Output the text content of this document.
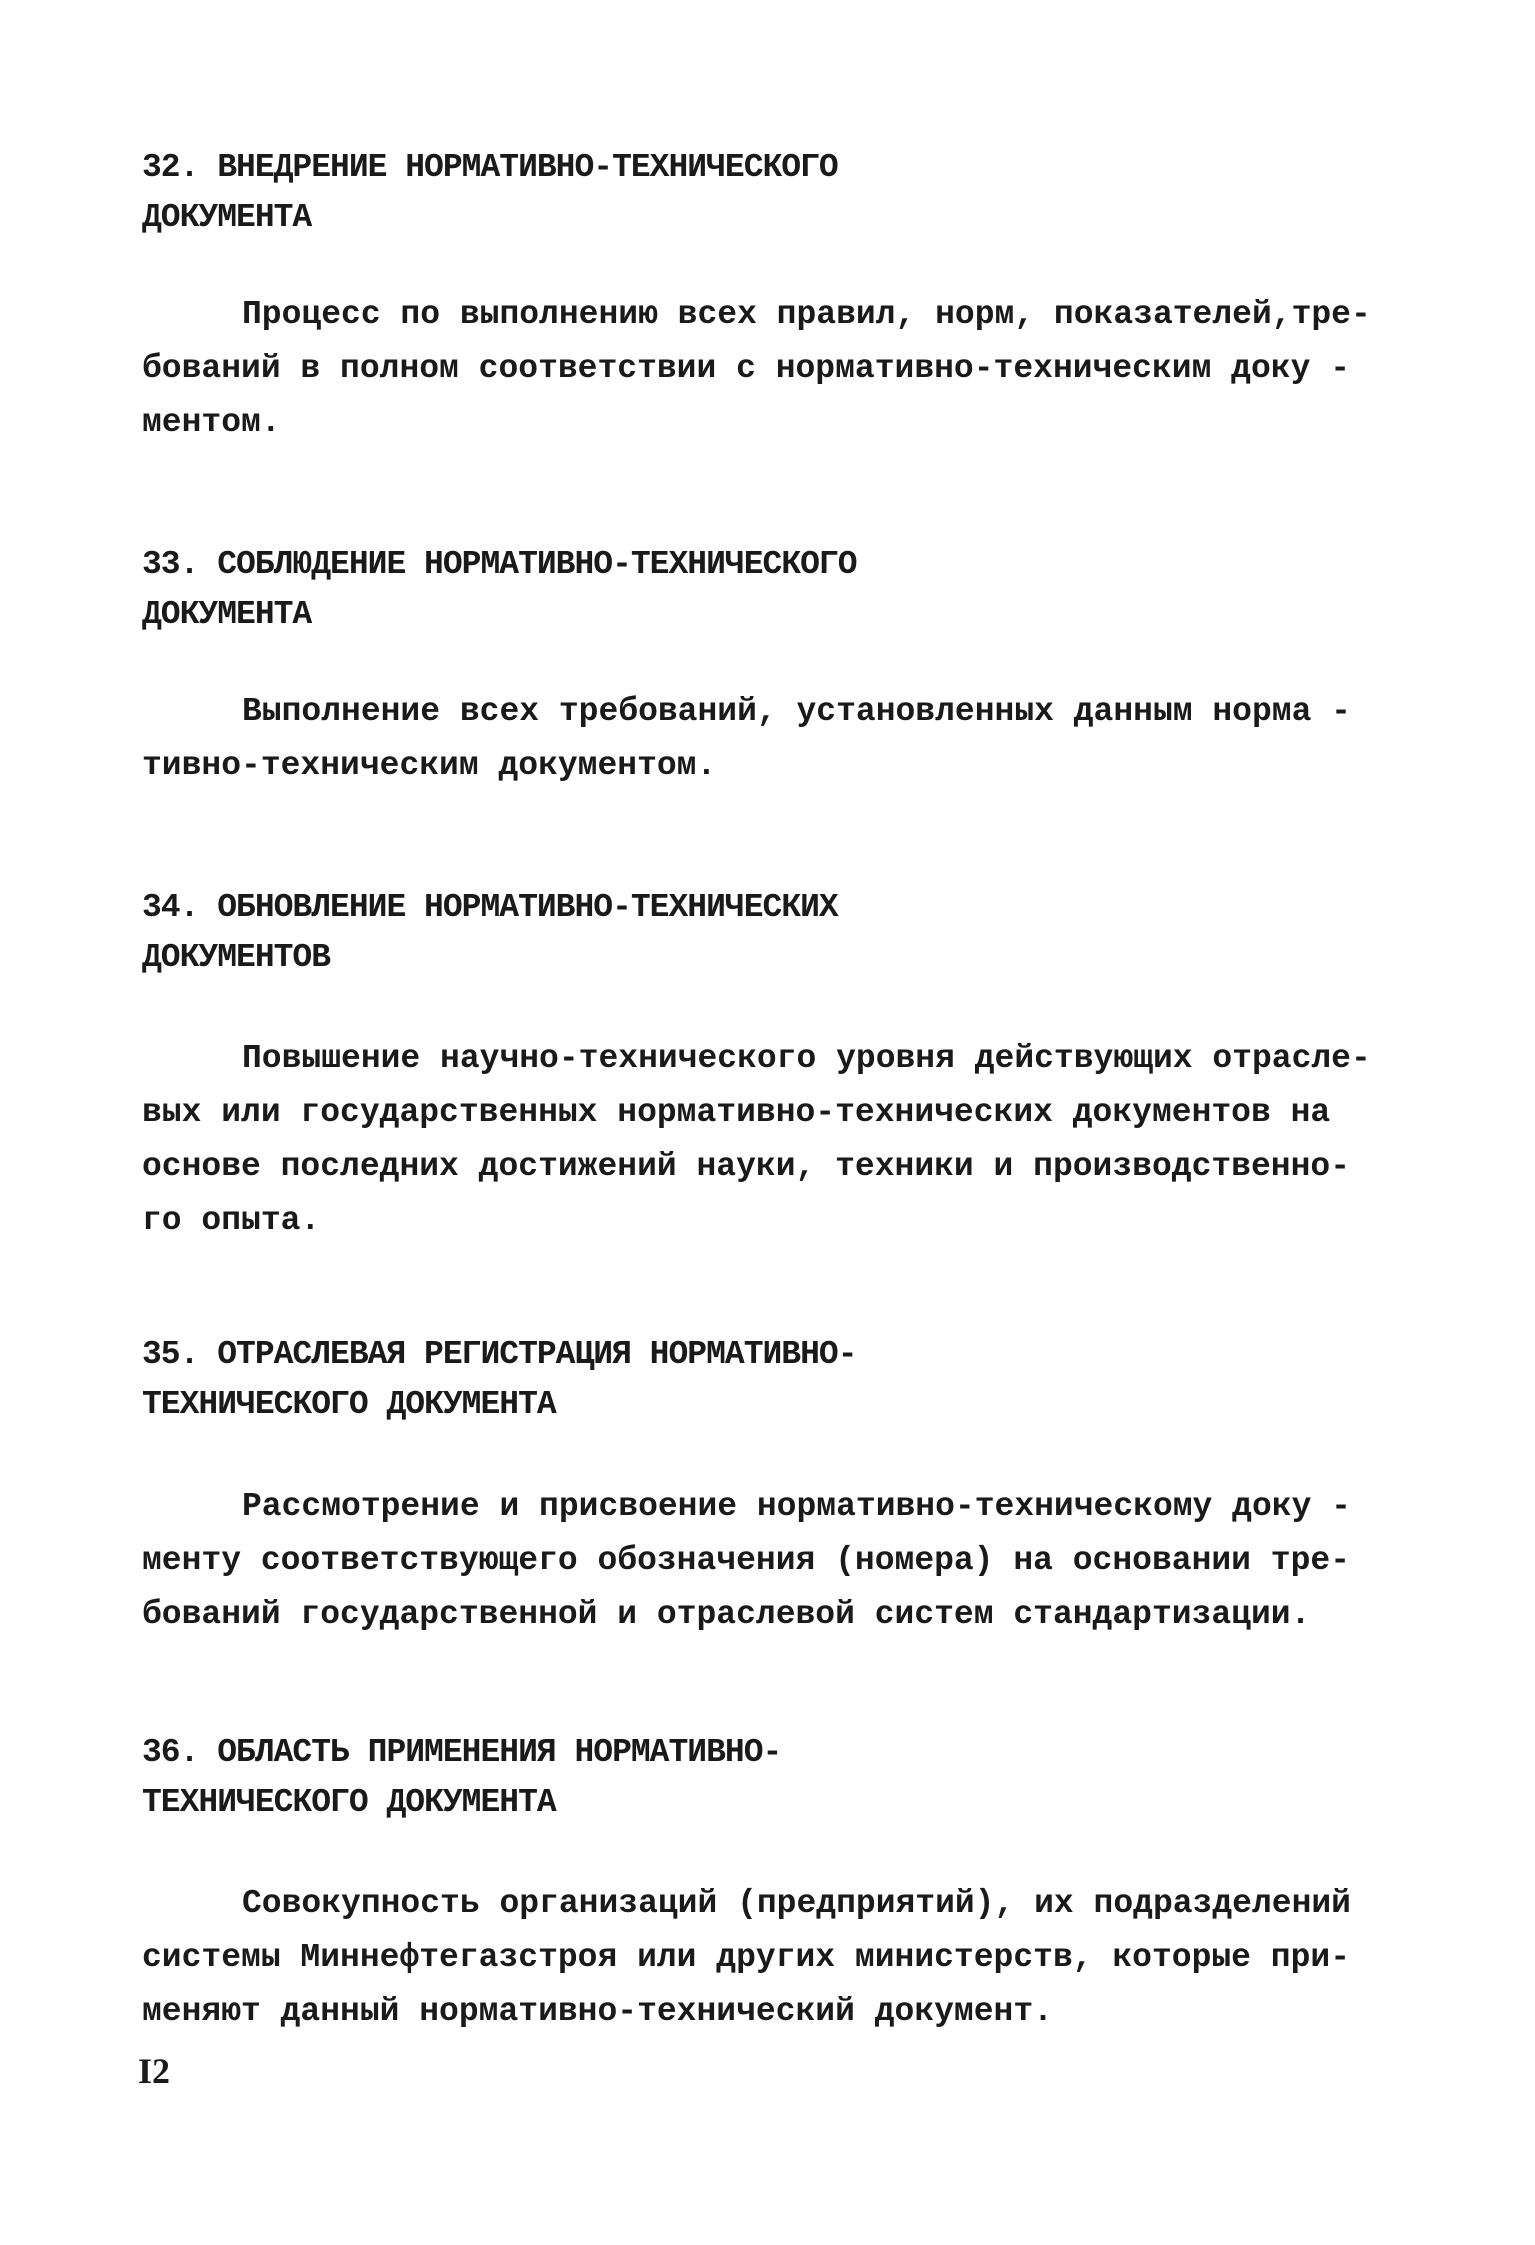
32. ВНЕДРЕНИЕ НОРМАТИВНО-ТЕХНИЧЕСКОГО
ДОКУМЕНТА
Процесс по выполнению всех правил, норм, показателей,тре-
бований в полном соответствии с нормативно-техническим доку -
ментом.
33. СОБЛЮДЕНИЕ НОРМАТИВНО-ТЕХНИЧЕСКОГО
ДОКУМЕНТА
Выполнение всех требований, установленных данным норма -
тивно-техническим документом.
34. ОБНОВЛЕНИЕ НОРМАТИВНО-ТЕХНИЧЕСКИХ
ДОКУМЕНТОВ
Повышение научно-технического уровня действующих отрасле-
вых или государственных нормативно-технических документов на
основе последних достижений науки, техники и производственно-
го опыта.
35. ОТРАСЛЕВАЯ РЕГИСТРАЦИЯ НОРМАТИВНО-
ТЕХНИЧЕСКОГО ДОКУМЕНТА
Рассмотрение и присвоение нормативно-техническому доку -
менту соответствующего обозначения (номера) на основании тре-
бований государственной и отраслевой систем стандартизации.
36. ОБЛАСТЬ ПРИМЕНЕНИЯ НОРМАТИВНО-
ТЕХНИЧЕСКОГО ДОКУМЕНТА
Совокупность организаций (предприятий), их подразделений
системы Миннефтегазстроя или других министерств, которые при-
меняют данный нормативно-технический документ.
I2
